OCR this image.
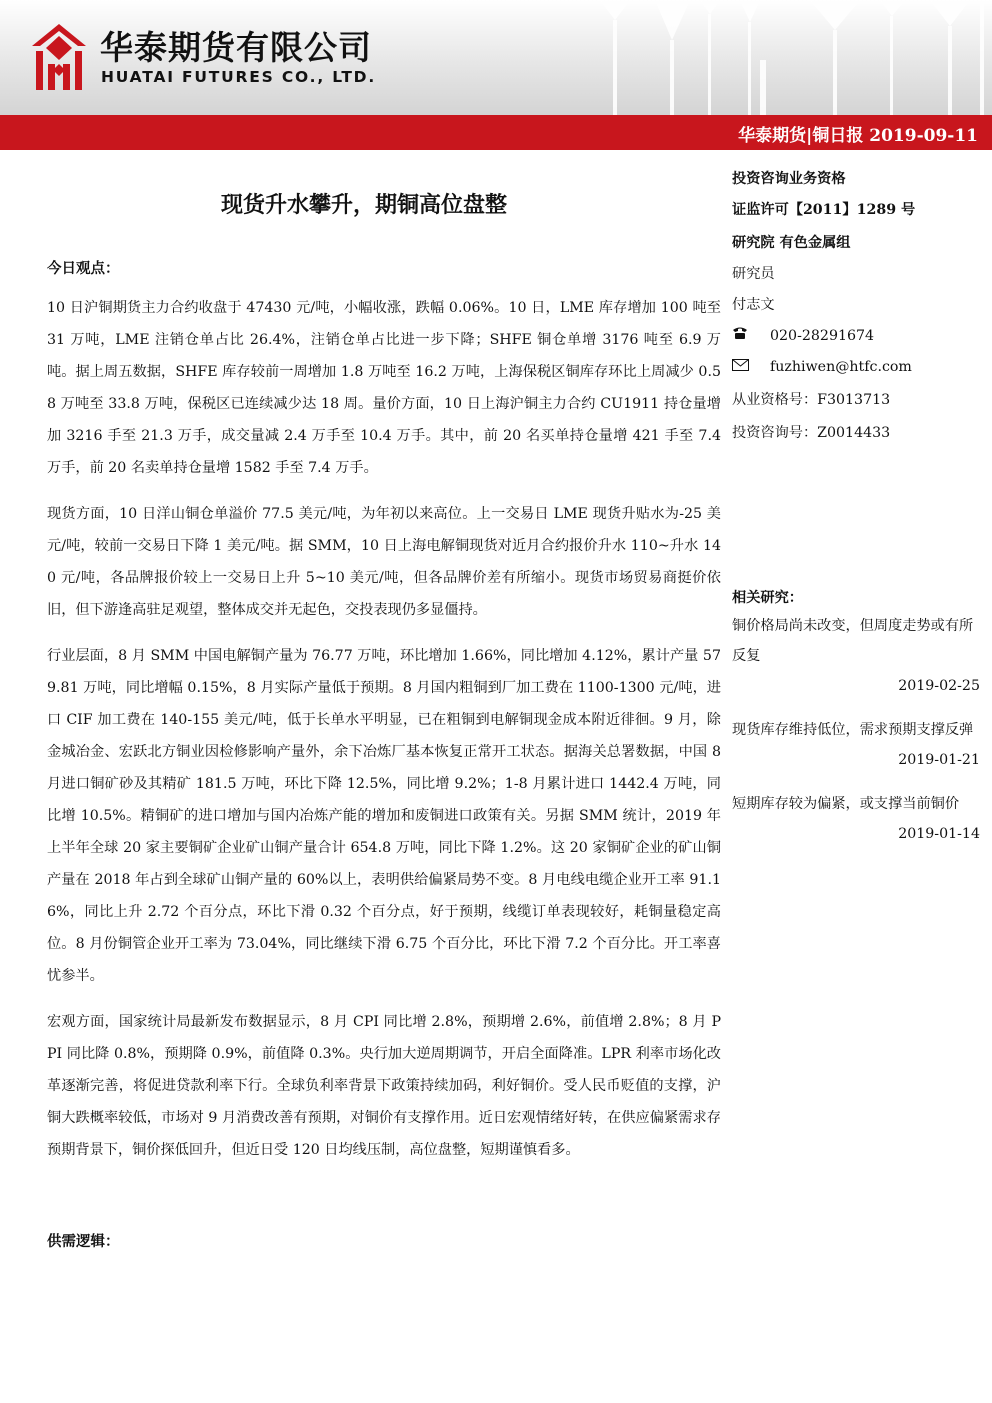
华泰期货有限公司
HUATAI FUTURES CO., LTD.
华泰期货|铜日报 2019-09-11
现货升水攀升，期铜高位盘整
今日观点：

10 日沪铜期货主力合约收盘于 47430 元/吨，小幅收涨，跌幅 0.06%。10 日，LME 库存增加 100 吨至 31 万吨，LME 注销仓单占比 26.4%，注销仓单占比进一步下降；SHFE 铜仓单增 3176 吨至 6.9 万吨。据上周五数据，SHFE 库存较前一周增加 1.8 万吨至 16.2 万吨，上海保税区铜库存环比上周减少 0.58 万吨至 33.8 万吨，保税区已连续减少达 18 周。量价方面，10 日上海沪铜主力合约 CU1911 持仓量增加 3216 手至 21.3 万手，成交量减 2.4 万手至 10.4 万手。其中，前 20 名买单持仓量增 421 手至 7.4 万手，前 20 名卖单持仓量增 1582 手至 7.4 万手。

现货方面，10 日洋山铜仓单溢价 77.5 美元/吨，为年初以来高位。上一交易日 LME 现货升贴水为-25 美元/吨，较前一交易日下降 1 美元/吨。据 SMM，10 日上海电解铜现货对近月合约报价升水 110~升水 140 元/吨，各品牌报价较上一交易日上升 5~10 美元/吨，但各品牌价差有所缩小。现货市场贸易商挺价依旧，但下游逢高驻足观望，整体成交并无起色，交投表现仍多显僵持。

行业层面，8 月 SMM 中国电解铜产量为 76.77 万吨，环比增加 1.66%，同比增加 4.12%，累计产量 579.81 万吨，同比增幅 0.15%，8 月实际产量低于预期。8 月国内粗铜到厂加工费在 1100-1300 元/吨，进口 CIF 加工费在 140-155 美元/吨，低于长单水平明显，已在粗铜到电解铜现金成本附近徘徊。9 月，除金城冶金、宏跃北方铜业因检修影响产量外，余下冶炼厂基本恢复正常开工状态。据海关总署数据，中国 8 月进口铜矿砂及其精矿 181.5 万吨，环比下降 12.5%，同比增 9.2%；1-8 月累计进口 1442.4 万吨，同比增 10.5%。精铜矿的进口增加与国内冶炼产能的增加和废铜进口政策有关。另据 SMM 统计，2019 年上半年全球 20 家主要铜矿企业矿山铜产量合计 654.8 万吨，同比下降 1.2%。这 20 家铜矿企业的矿山铜产量在 2018 年占到全球矿山铜产量的 60%以上，表明供给偏紧局势不变。8 月电线电缆企业开工率 91.16%，同比上升 2.72 个百分点，环比下滑 0.32 个百分点，好于预期，线缆订单表现较好，耗铜量稳定高位。8 月份铜管企业开工率为 73.04%，同比继续下滑 6.75 个百分比，环比下滑 7.2 个百分比。开工率喜忧参半。

宏观方面，国家统计局最新发布数据显示，8 月 CPI 同比增 2.8%，预期增 2.6%，前值增 2.8%；8 月 PPI 同比降 0.8%，预期降 0.9%，前值降 0.3%。央行加大逆周期调节，开启全面降准。LPR 利率市场化改革逐渐完善，将促进贷款利率下行。全球负利率背景下政策持续加码，利好铜价。受人民币贬值的支撑，沪铜大跌概率较低，市场对 9 月消费改善有预期，对铜价有支撑作用。近日宏观情绪好转，在供应偏紧需求存预期背景下，铜价探低回升，但近日受 120 日均线压制，高位盘整，短期谨慎看多。

供需逻辑：
投资咨询业务资格
证监许可【2011】1289 号
研究院 有色金属组
研究员
付志文
020-28291674
fuzhiwen@htfc.com
从业资格号：F3013713
投资咨询号：Z0014433
相关研究：
铜价格局尚未改变，但周度走势或有所反复
2019-02-25
现货库存维持低位，需求预期支撑反弹
2019-01-21
短期库存较为偏紧，或支撑当前铜价
2019-01-14
